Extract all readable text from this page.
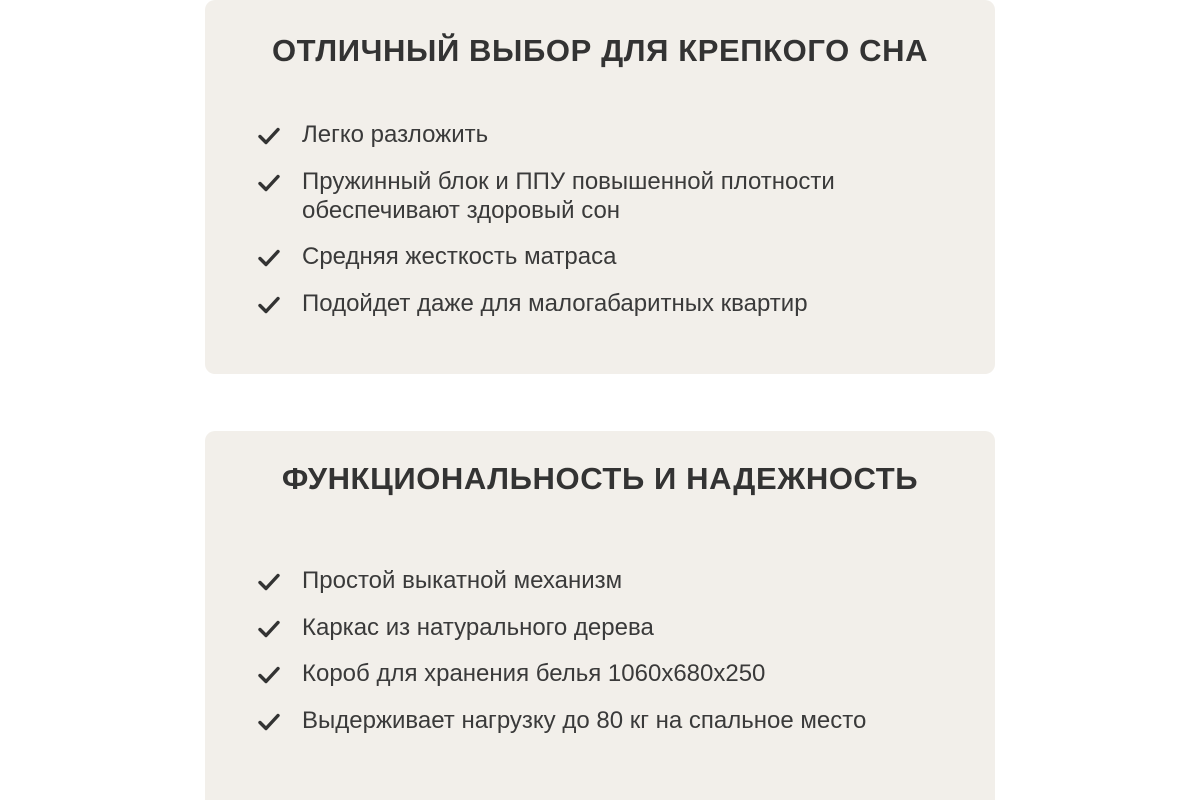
ОТЛИЧНЫЙ ВЫБОР ДЛЯ КРЕПКОГО СНА
Легко разложить
Пружинный блок и ППУ повышенной плотности обеспечивают здоровый сон
Средняя жесткость матраса
Подойдет даже для малогабаритных квартир
ФУНКЦИОНАЛЬНОСТЬ И НАДЕЖНОСТЬ
Простой выкатной механизм
Каркас из натурального дерева
Короб для хранения белья 1060х680х250
Выдерживает нагрузку до 80 кг на спальное место
